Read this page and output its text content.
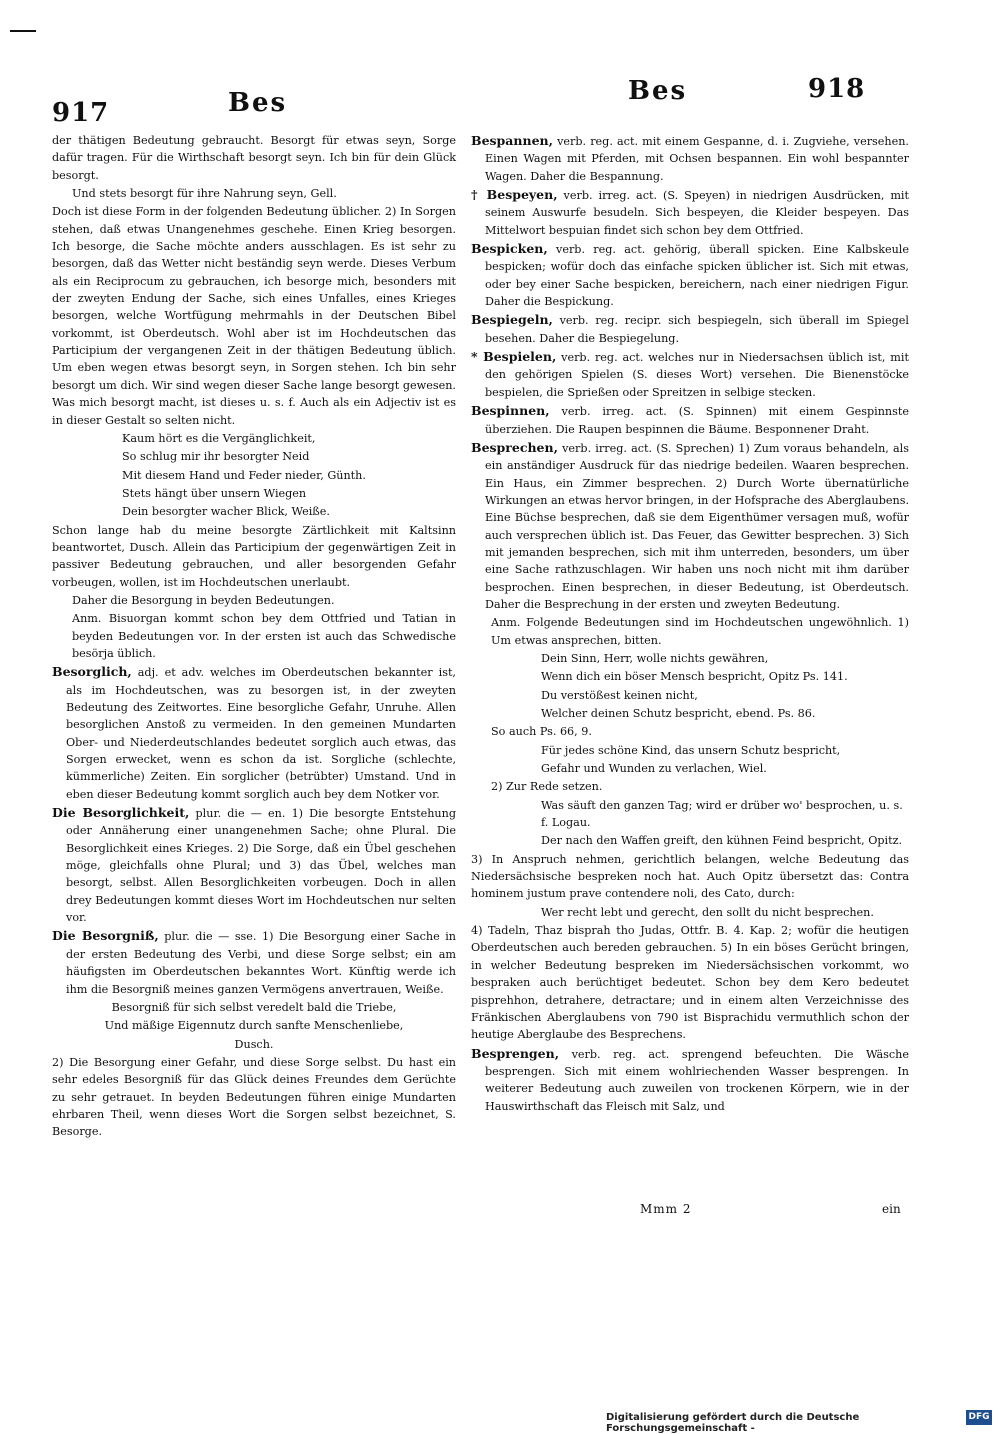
917	Bes	Bes	918

der thätigen Bedeutung gebraucht. Besorgt für etwas seyn, Sorge dafür tragen. Für die Wirthschaft besorgt seyn. Ich bin für dein Glück besorgt.

Und stets besorgt für ihre Nahrung seyn, Gell.

Doch ist diese Form in der folgenden Bedeutung üblicher. 2) In Sorgen stehen, daß etwas Unangenehmes geschehe. Einen Krieg besorgen. Ich besorge, die Sache möchte anders ausschlagen. Es ist sehr zu besorgen, daß das Wetter nicht beständig seyn werde. Dieses Verbum als ein Reciprocum zu gebrauchen, ich besorge mich, besonders mit der zweyten Endung der Sache, sich eines Unfalles, eines Krieges besorgen, welche Wortfügung mehrmahls in der Deutschen Bibel vorkommt, ist Oberdeutsch. Wohl aber ist im Hochdeutschen das Participium der vergangenen Zeit in der thätigen Bedeutung üblich. Um eben wegen etwas besorgt seyn, in Sorgen stehen. Ich bin sehr besorgt um dich. Wir sind wegen dieser Sache lange besorgt gewesen. Was mich besorgt macht, ist dieses u. s. f. Auch als ein Adjectiv ist es in dieser Gestalt so selten nicht.

Kaum hört es die Vergänglichkeit,

So schlug mir ihr besorgter Neid

Mit diesem Hand und Feder nieder, Günth.

Stets hängt über unsern Wiegen

Dein besorgter wacher Blick, Weiße.

Schon lange hab du meine besorgte Zärtlichkeit mit Kaltsinn beantwortet, Dusch. Allein das Participium der gegenwärtigen Zeit in passiver Bedeutung gebrauchen, und aller besorgenden Gefahr vorbeugen, wollen, ist im Hochdeutschen unerlaubt.

Daher die Besorgung in beyden Bedeutungen.

Anm. Bisuorgan kommt schon bey dem Ottfried und Tatian in beyden Bedeutungen vor. In der ersten ist auch das Schwedische besörja üblich.

Besorglich, adj. et adv. welches im Oberdeutschen bekannter ist, als im Hochdeutschen, was zu besorgen ist, in der zweyten Bedeutung des Zeitwortes. Eine besorgliche Gefahr, Unruhe. Allen besorglichen Anstoß zu vermeiden. In den gemeinen Mundarten Ober- und Niederdeutschlandes bedeutet sorglich auch etwas, das Sorgen erwecket, wenn es schon da ist. Sorgliche (schlechte, kümmerliche) Zeiten. Ein sorglicher (betrübter) Umstand. Und in eben dieser Bedeutung kommt sorglich auch bey dem Notker vor.

Die Besorglichkeit, plur. die — en. 1) Die besorgte Entstehung oder Annäherung einer unangenehmen Sache; ohne Plural. Die Besorglichkeit eines Krieges. 2) Die Sorge, daß ein Übel geschehen möge, gleichfalls ohne Plural; und 3) das Übel, welches man besorgt, selbst. Allen Besorglichkeiten vorbeugen. Doch in allen drey Bedeutungen kommt dieses Wort im Hochdeutschen nur selten vor.

Die Besorgniß, plur. die — sse. 1) Die Besorgung einer Sache in der ersten Bedeutung des Verbi, und diese Sorge selbst; ein am häufigsten im Oberdeutschen bekanntes Wort. Künftig werde ich ihm die Besorgniß meines ganzen Vermögens anvertrauen, Weiße.

Besorgniß für sich selbst veredelt bald die Triebe,

Und mäßige Eigennutz durch sanfte Menschenliebe,

Dusch.

2) Die Besorgung einer Gefahr, und diese Sorge selbst. Du hast ein sehr edeles Besorgniß für das Glück deines Freundes dem Gerüchte zu sehr getrauet. In beyden Bedeutungen führen einige Mundarten ehrbaren Theil, wenn dieses Wort die Sorgen selbst bezeichnet, S. Besorge.

Bespannen, verb. reg. act. mit einem Gespanne, d. i. Zugviehe, versehen. Einen Wagen mit Pferden, mit Ochsen bespannen. Ein wohl bespannter Wagen. Daher die Bespannung.

† Bespeyen, verb. irreg. act. (S. Speyen) in niedrigen Ausdrücken, mit seinem Auswurfe besudeln. Sich bespeyen, die Kleider bespeyen. Das Mittelwort bespuian findet sich schon bey dem Ottfried.

Bespicken, verb. reg. act. gehörig, überall spicken. Eine Kalbskeule bespicken; wofür doch das einfache spicken üblicher ist. Sich mit etwas, oder bey einer Sache bespicken, bereichern, nach einer niedrigen Figur. Daher die Bespickung.

Bespiegeln, verb. reg. recipr. sich bespiegeln, sich überall im Spiegel besehen. Daher die Bespiegelung.

* Bespielen, verb. reg. act. welches nur in Niedersachsen üblich ist, mit den gehörigen Spielen (S. dieses Wort) versehen. Die Bienenstöcke bespielen, die Sprießen oder Spreitzen in selbige stecken.

Bespinnen, verb. irreg. act. (S. Spinnen) mit einem Gespinnste überziehen. Die Raupen bespinnen die Bäume. Besponnener Draht.

Besprechen, verb. irreg. act. (S. Sprechen) 1) Zum voraus behandeln, als ein anständiger Ausdruck für das niedrige bedeilen. Waaren besprechen. Ein Haus, ein Zimmer besprechen. 2) Durch Worte übernatürliche Wirkungen an etwas hervor bringen, in der Hofsprache des Aberglaubens. Eine Büchse besprechen, daß sie dem Eigenthümer versagen muß, wofür auch versprechen üblich ist. Das Feuer, das Gewitter besprechen. 3) Sich mit jemanden besprechen, sich mit ihm unterreden, besonders, um über eine Sache rathzuschlagen. Wir haben uns noch nicht mit ihm darüber besprochen. Einen besprechen, in dieser Bedeutung, ist Oberdeutsch. Daher die Besprechung in der ersten und zweyten Bedeutung.

Anm. Folgende Bedeutungen sind im Hochdeutschen ungewöhnlich. 1) Um etwas ansprechen, bitten.

Dein Sinn, Herr, wolle nichts gewähren,

Wenn dich ein böser Mensch bespricht, Opitz Ps. 141.

Du verstößest keinen nicht,

Welcher deinen Schutz bespricht, ebend. Ps. 86.

So auch Ps. 66, 9.

Für jedes schöne Kind, das unsern Schutz bespricht,

Gefahr und Wunden zu verlachen, Wiel.

2) Zur Rede setzen.

Was säuft den ganzen Tag; wird er drüber wo' besprochen, u. s. f. Logau.

Der nach den Waffen greift, den kühnen Feind bespricht, Opitz.

3) In Anspruch nehmen, gerichtlich belangen, welche Bedeutung das Niedersächsische bespreken noch hat. Auch Opitz übersetzt das: Contra hominem justum prave contendere noli, des Cato, durch:

Wer recht lebt und gerecht, den sollt du nicht besprechen.

4) Tadeln, Thaz bisprah tho Judas, Ottfr. B. 4. Kap. 2; wofür die heutigen Oberdeutschen auch bereden gebrauchen. 5) In ein böses Gerücht bringen, in welcher Bedeutung bespreken im Niedersächsischen vorkommt, wo bespraken auch berüchtiget bedeutet. Schon bey dem Kero bedeutet pisprehhon, detrahere, detractare; und in einem alten Verzeichnisse des Fränkischen Aberglaubens von 790 ist Bisprachidu vermuthlich schon der heutige Aberglaube des Besprechens.

Besprengen, verb. reg. act. sprengend befeuchten. Die Wäsche besprengen. Sich mit einem wohlriechenden Wasser besprengen. In weiterer Bedeutung auch zuweilen von trockenen Körpern, wie in der Hauswirthschaft das Fleisch mit Salz, und

Mmm 2	ein
Digitalisierung gefördert durch die Deutsche Forschungsgemeinschaft -
DFG
